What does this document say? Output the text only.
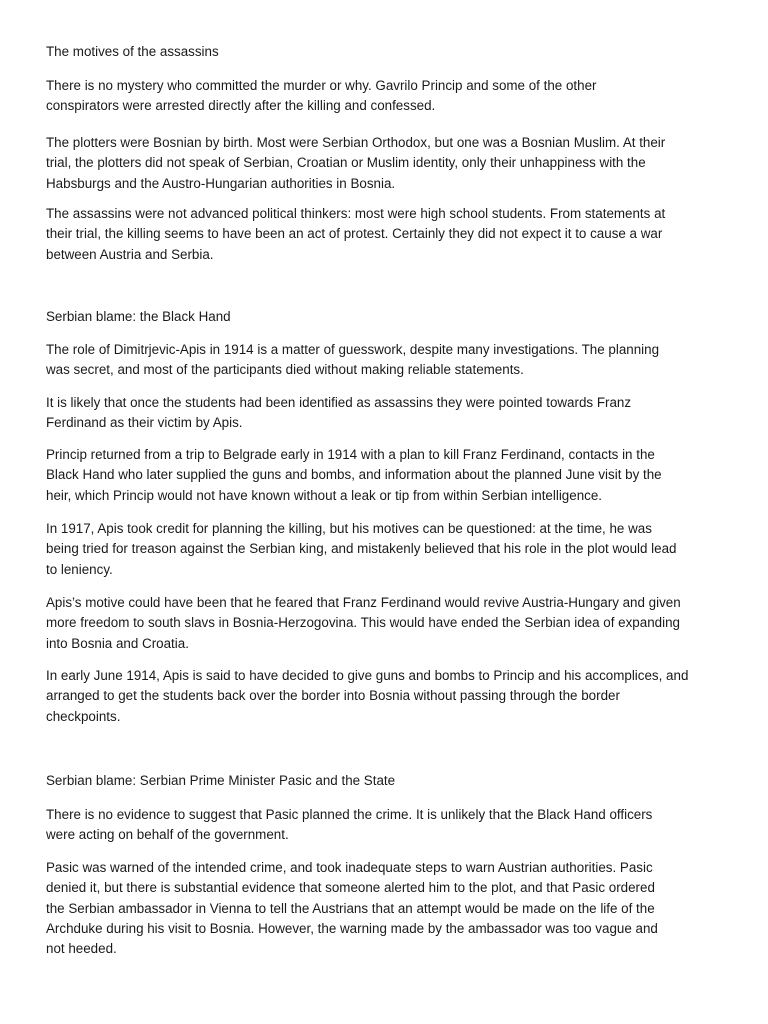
The motives of the assassins

There is no mystery who committed the murder or why. Gavrilo Princip and some of the other
conspirators were arrested directly after the killing and confessed.

The plotters were Bosnian by birth. Most were Serbian Orthodox, but one was a Bosnian Muslim. At their
trial, the plotters did not speak of Serbian, Croatian or Muslim identity, only their unhappiness with the
Habsburgs and the Austro-Hungarian authorities in Bosnia.

The assassins were not advanced political thinkers: most were high school students. From statements at
their trial, the killing seems to have been an act of protest. Certainly they did not expect it to cause a war
between Austria and Serbia.

Serbian blame: the Black Hand

The role of Dimitrjevic-Apis in 1914 is a matter of guesswork, despite many investigations. The planning
was secret, and most of the participants died without making reliable statements.

It is likely that once the students had been identified as assassins they were pointed towards Franz
Ferdinand as their victim by Apis.

Princip returned from a trip to Belgrade early in 1914 with a plan to kill Franz Ferdinand, contacts in the
Black Hand who later supplied the guns and bombs, and information about the planned June visit by the
heir, which Princip would not have known without a leak or tip from within Serbian intelligence.

In 1917, Apis took credit for planning the killing, but his motives can be questioned: at the time, he was
being tried for treason against the Serbian king, and mistakenly believed that his role in the plot would lead
to leniency.

Apis’s motive could have been that he feared that Franz Ferdinand would revive Austria-Hungary and given
more freedom to south slavs in Bosnia-Herzogovina. This would have ended the Serbian idea of expanding
into Bosnia and Croatia.

In early June 1914, Apis is said to have decided to give guns and bombs to Princip and his accomplices, and
arranged to get the students back over the border into Bosnia without passing through the border
checkpoints.

Serbian blame: Serbian Prime Minister Pasic and the State

There is no evidence to suggest that Pasic planned the crime. It is unlikely that the Black Hand officers
were acting on behalf of the government.

Pasic was warned of the intended crime, and took inadequate steps to warn Austrian authorities. Pasic
denied it, but there is substantial evidence that someone alerted him to the plot, and that Pasic ordered
the Serbian ambassador in Vienna to tell the Austrians that an attempt would be made on the life of the
Archduke during his visit to Bosnia. However, the warning made by the ambassador was too vague and
not heeded.
